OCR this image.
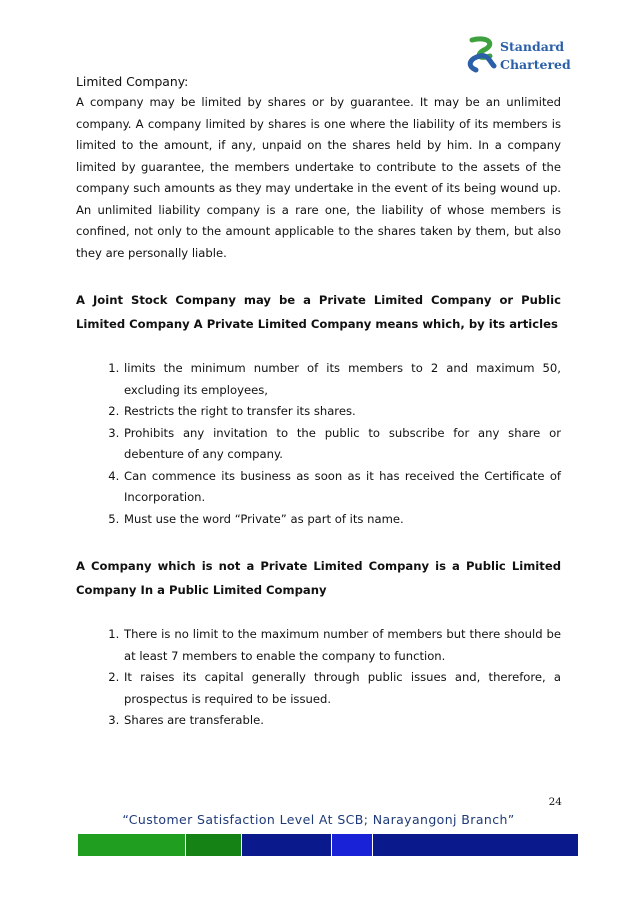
Standard
Chartered

Limited Company:

A company may be limited by shares or by guarantee. It may be an unlimited company. A company limited by shares is one where the liability of its members is limited to the amount, if any, unpaid on the shares held by him. In a company limited by guarantee, the members undertake to contribute to the assets of the company such amounts as they may undertake in the event of its being wound up. An unlimited liability company is a rare one, the liability of whose members is confined, not only to the amount applicable to the shares taken by them, but also they are personally liable.

A Joint Stock Company may be a Private Limited Company or Public Limited Company A Private Limited Company means which, by its articles

1. limits the minimum number of its members to 2 and maximum 50, excluding its employees,
2. Restricts the right to transfer its shares.
3. Prohibits any invitation to the public to subscribe for any share or debenture of any company.
4. Can commence its business as soon as it has received the Certificate of Incorporation.
5. Must use the word “Private” as part of its name.

A Company which is not a Private Limited Company is a Public Limited Company In a Public Limited Company

1. There is no limit to the maximum number of members but there should be at least 7 members to enable the company to function.
2. It raises its capital generally through public issues and, therefore, a prospectus is required to be issued.
3. Shares are transferable.
24
“Customer Satisfaction Level At SCB; Narayangonj Branch”
